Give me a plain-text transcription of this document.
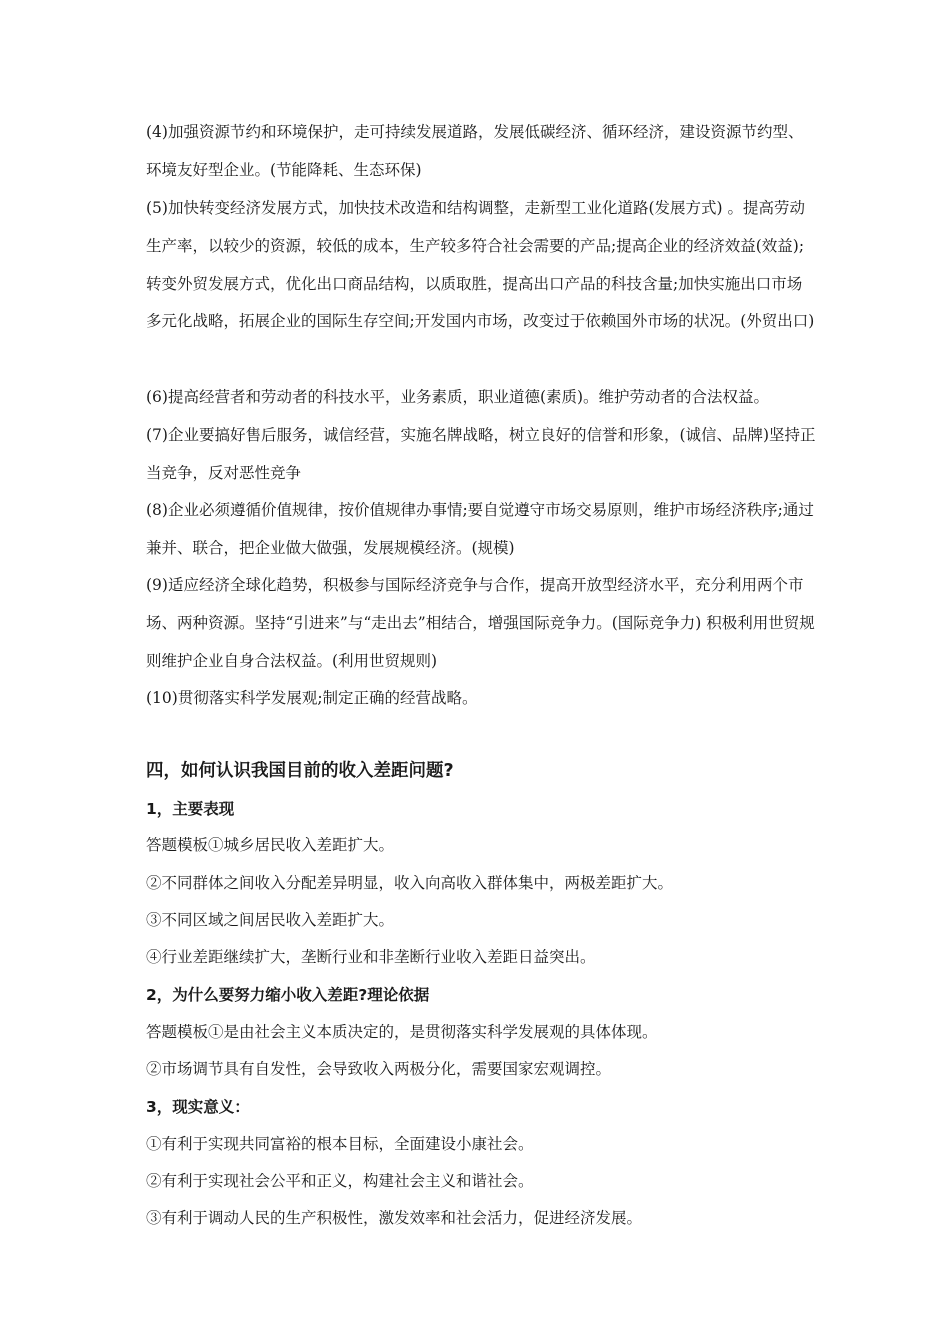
(4)加强资源节约和环境保护，走可持续发展道路，发展低碳经济、循环经济，建设资源节约型、环境友好型企业。(节能降耗、生态环保)

(5)加快转变经济发展方式，加快技术改造和结构调整，走新型工业化道路(发展方式) 。提高劳动生产率，以较少的资源，较低的成本，生产较多符合社会需要的产品;提高企业的经济效益(效益);转变外贸发展方式，优化出口商品结构，以质取胜，提高出口产品的科技含量;加快实施出口市场多元化战略，拓展企业的国际生存空间;开发国内市场，改变过于依赖国外市场的状况。(外贸出口)

(6)提高经营者和劳动者的科技水平，业务素质，职业道德(素质)。维护劳动者的合法权益。

(7)企业要搞好售后服务，诚信经营，实施名牌战略，树立良好的信誉和形象，(诚信、品牌)坚持正当竞争，反对恶性竞争

(8)企业必须遵循价值规律，按价值规律办事情;要自觉遵守市场交易原则，维护市场经济秩序;通过兼并、联合，把企业做大做强，发展规模经济。(规模)

(9)适应经济全球化趋势，积极参与国际经济竞争与合作，提高开放型经济水平，充分利用两个市场、两种资源。坚持“引进来”与“走出去”相结合，增强国际竞争力。(国际竞争力) 积极利用世贸规则维护企业自身合法权益。(利用世贸规则)

(10)贯彻落实科学发展观;制定正确的经营战略。

四，如何认识我国目前的收入差距问题?
1，主要表现

答题模板①城乡居民收入差距扩大。

②不同群体之间收入分配差异明显，收入向高收入群体集中，两极差距扩大。

③不同区域之间居民收入差距扩大。

④行业差距继续扩大，垄断行业和非垄断行业收入差距日益突出。

2，为什么要努力缩小收入差距?理论依据

答题模板①是由社会主义本质决定的，是贯彻落实科学发展观的具体体现。

②市场调节具有自发性，会导致收入两极分化，需要国家宏观调控。

3，现实意义：

①有利于实现共同富裕的根本目标，全面建设小康社会。

②有利于实现社会公平和正义，构建社会主义和谐社会。

③有利于调动人民的生产积极性，激发效率和社会活力，促进经济发展。
